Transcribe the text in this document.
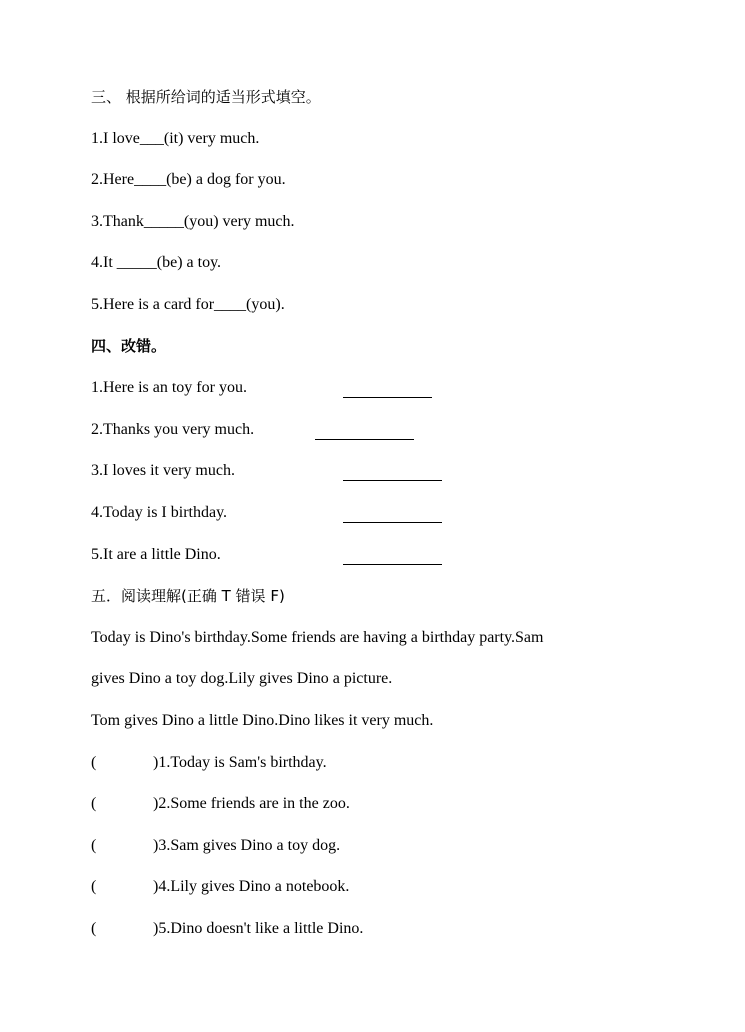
三、 根据所给词的适当形式填空。
1.I love___(it) very much.
2.Here____(be) a dog for you.
3.Thank_____(you) very much.
4.It _____(be) a toy.
5.Here is a card for____(you).
四、改错。
1.Here is an toy for you.
2.Thanks you very much.
3.I loves it very much.
4.Today is I birthday.
5.It are a little Dino.
五．阅读理解(正确 T 错误 F)
Today is Dino's birthday.Some friends are having a birthday party.Sam
gives Dino a toy dog.Lily gives Dino a picture.
Tom gives Dino a little Dino.Dino likes it very much.
(	)1.Today is Sam's birthday.
(	)2.Some friends are in the zoo.
(	)3.Sam gives Dino a toy dog.
(	)4.Lily gives Dino a notebook.
(	)5.Dino doesn't like a little Dino.
